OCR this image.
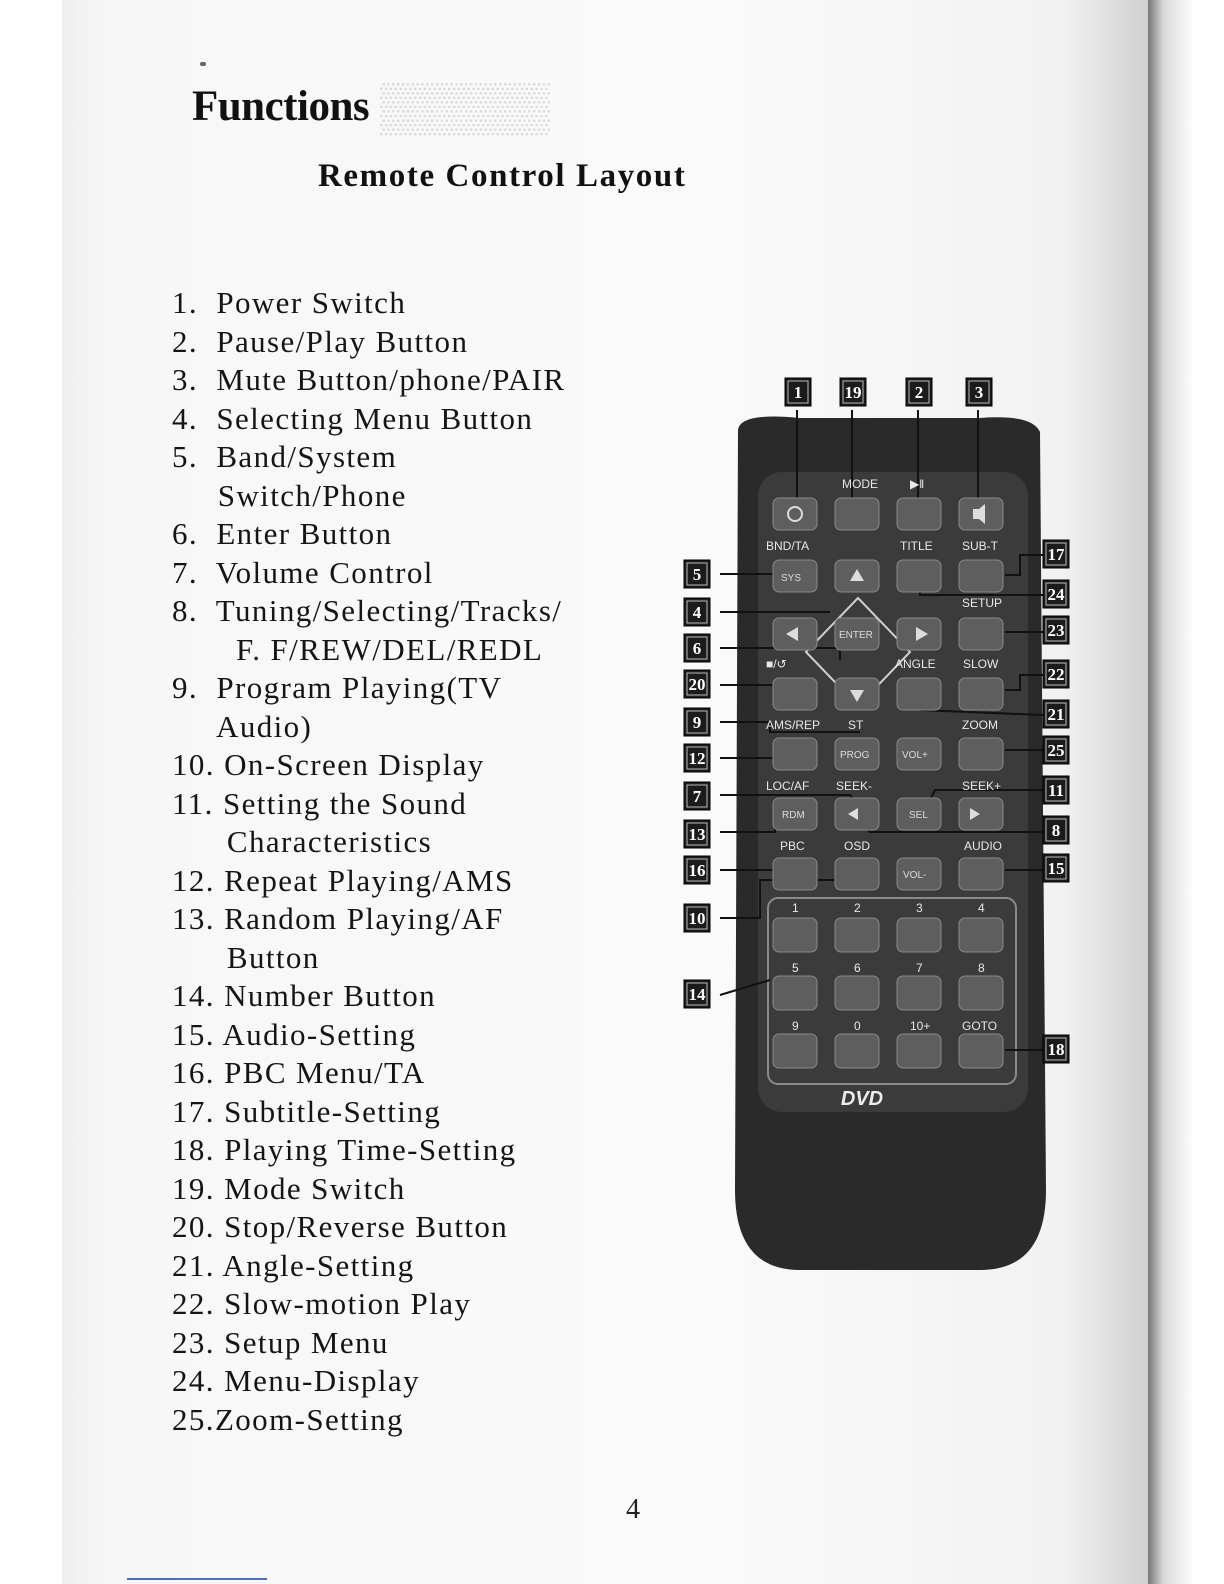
▒▒▒▒▒
Functions
Remote Control Layout
1.  Power Switch
2.  Pause/Play Button
3.  Mute Button/phone/PAIR
4.  Selecting Menu Button
5.  Band/System
Switch/Phone
6.  Enter Button
7.  Volume Control
8.  Tuning/Selecting/Tracks/
F. F/REW/DEL/REDL
9.  Program Playing(TV
Audio)
10. On-Screen Display
11. Setting the Sound
Characteristics
12. Repeat Playing/AMS
13. Random Playing/AF
Button
14. Number Button
15. Audio-Setting
16. PBC Menu/TA
17. Subtitle-Setting
18. Playing Time-Setting
19. Mode Switch
20. Stop/Reverse Button
21. Angle-Setting
22. Slow-motion Play
23. Setup Menu
24. Menu-Display
25.Zoom-Setting
1 19	2	3
17
24
23
22
21
25
11
8
15
18
5
4
6
20
9
12
7
13
16
10
14
MODE	▶ǁ
BND/TA	TITLE SUB-T
SETUP
■/↺	ANGLE SLOW
AMS/REP ST	ZOOM
LOC/AF SEEK-	SEEK+
PBC	OSD	AUDIO
1	2	3	4
5	6	7	8
9	0	10+	GOTO
SYS
ENTER
PROG	VOL+
RDM	SEL
VOL-
DVD
4
